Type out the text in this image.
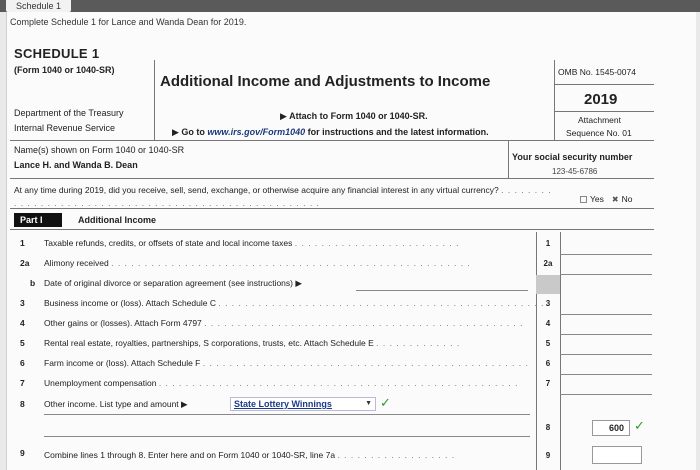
Schedule 1
Complete Schedule 1 for Lance and Wanda Dean for 2019.
SCHEDULE 1
(Form 1040 or 1040-SR)
Additional Income and Adjustments to Income
OMB No. 1545-0074
2019
Attachment
Sequence No. 01
Department of the Treasury
Internal Revenue Service
▶ Attach to Form 1040 or 1040-SR.
▶ Go to www.irs.gov/Form1040 for instructions and the latest information.
Name(s) shown on Form 1040 or 1040-SR
Lance H. and Wanda B. Dean
Your social security number
123-45-6786
At any time during 2019, did you receive, sell, send, exchange, or otherwise acquire any financial interest in any virtual currency? . . . . . . . . . . . . . . . . . . . . . . . . . . . . . . . . . . . . . . . . . . . . . . . . . . . . . .	Yes ✖ No
Part I	Additional Income
1 Taxable refunds, credits, or offsets of state and local income taxes . . . . . . . . . . . . . . . . . . . . . . . . .	1
2a Alimony received . . . . . . . . . . . . . . . . . . . . . . . . . . . . . . . . . . . . . . . . . . . . . . . . . . . . . .	2a
b Date of original divorce or separation agreement (see instructions) ▶
3 Business income or (loss). Attach Schedule C . . . . . . . . . . . . . . . . . . . . . . . . . . . . . . . . . . . . . . . . . . . . . . . . . 3
4 Other gains or (losses). Attach Form 4797 . . . . . . . . . . . . . . . . . . . . . . . . . . . . . . . . . . . . . . . . . . . . . . . .	4
5 Rental real estate, royalties, partnerships, S corporations, trusts, etc. Attach Schedule E . . . . . . . . . . . . .	5
6 Farm income or (loss). Attach Schedule F . . . . . . . . . . . . . . . . . . . . . . . . . . . . . . . . . . . . . . . . . . . . . . . . .	6
7 Unemployment compensation . . . . . . . . . . . . . . . . . . . . . . . . . . . . . . . . . . . . . . . . . . . . . . . . . . . . . .	7
8 Other income. List type and amount ▶	State Lottery Winnings	▼ ✓
8	600 ✓
9 Combine lines 1 through 8. Enter here and on Form 1040 or 1040-SR, line 7a . . . . . . . . . . . . . . . . . .	9
